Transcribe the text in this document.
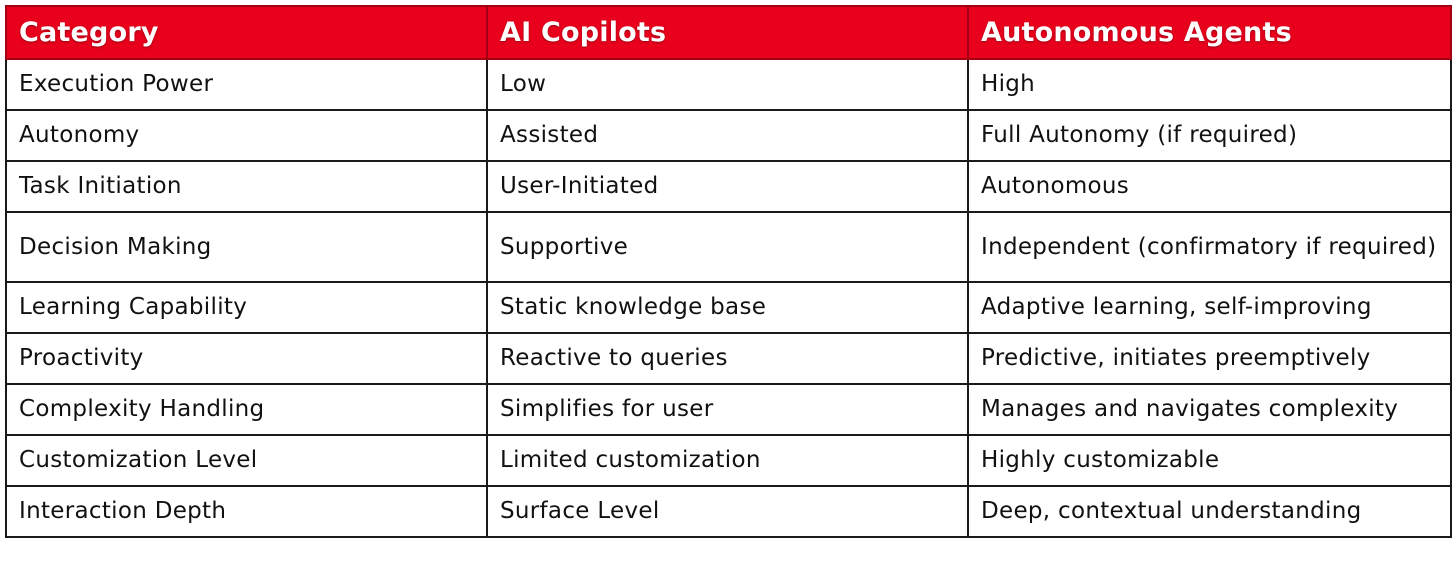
Category	AI Copilots	Autonomous Agents
Execution Power	Low	High
Autonomy	Assisted	Full Autonomy (if required)
Task Initiation	User-Initiated	Autonomous
Decision Making	Supportive	Independent (confirmatory if required)
Learning Capability	Static knowledge base	Adaptive learning, self-improving
Proactivity	Reactive to queries	Predictive, initiates preemptively
Complexity Handling	Simplifies for user	Manages and navigates complexity
Customization Level	Limited customization	Highly customizable
Interaction Depth	Surface Level	Deep, contextual understanding
